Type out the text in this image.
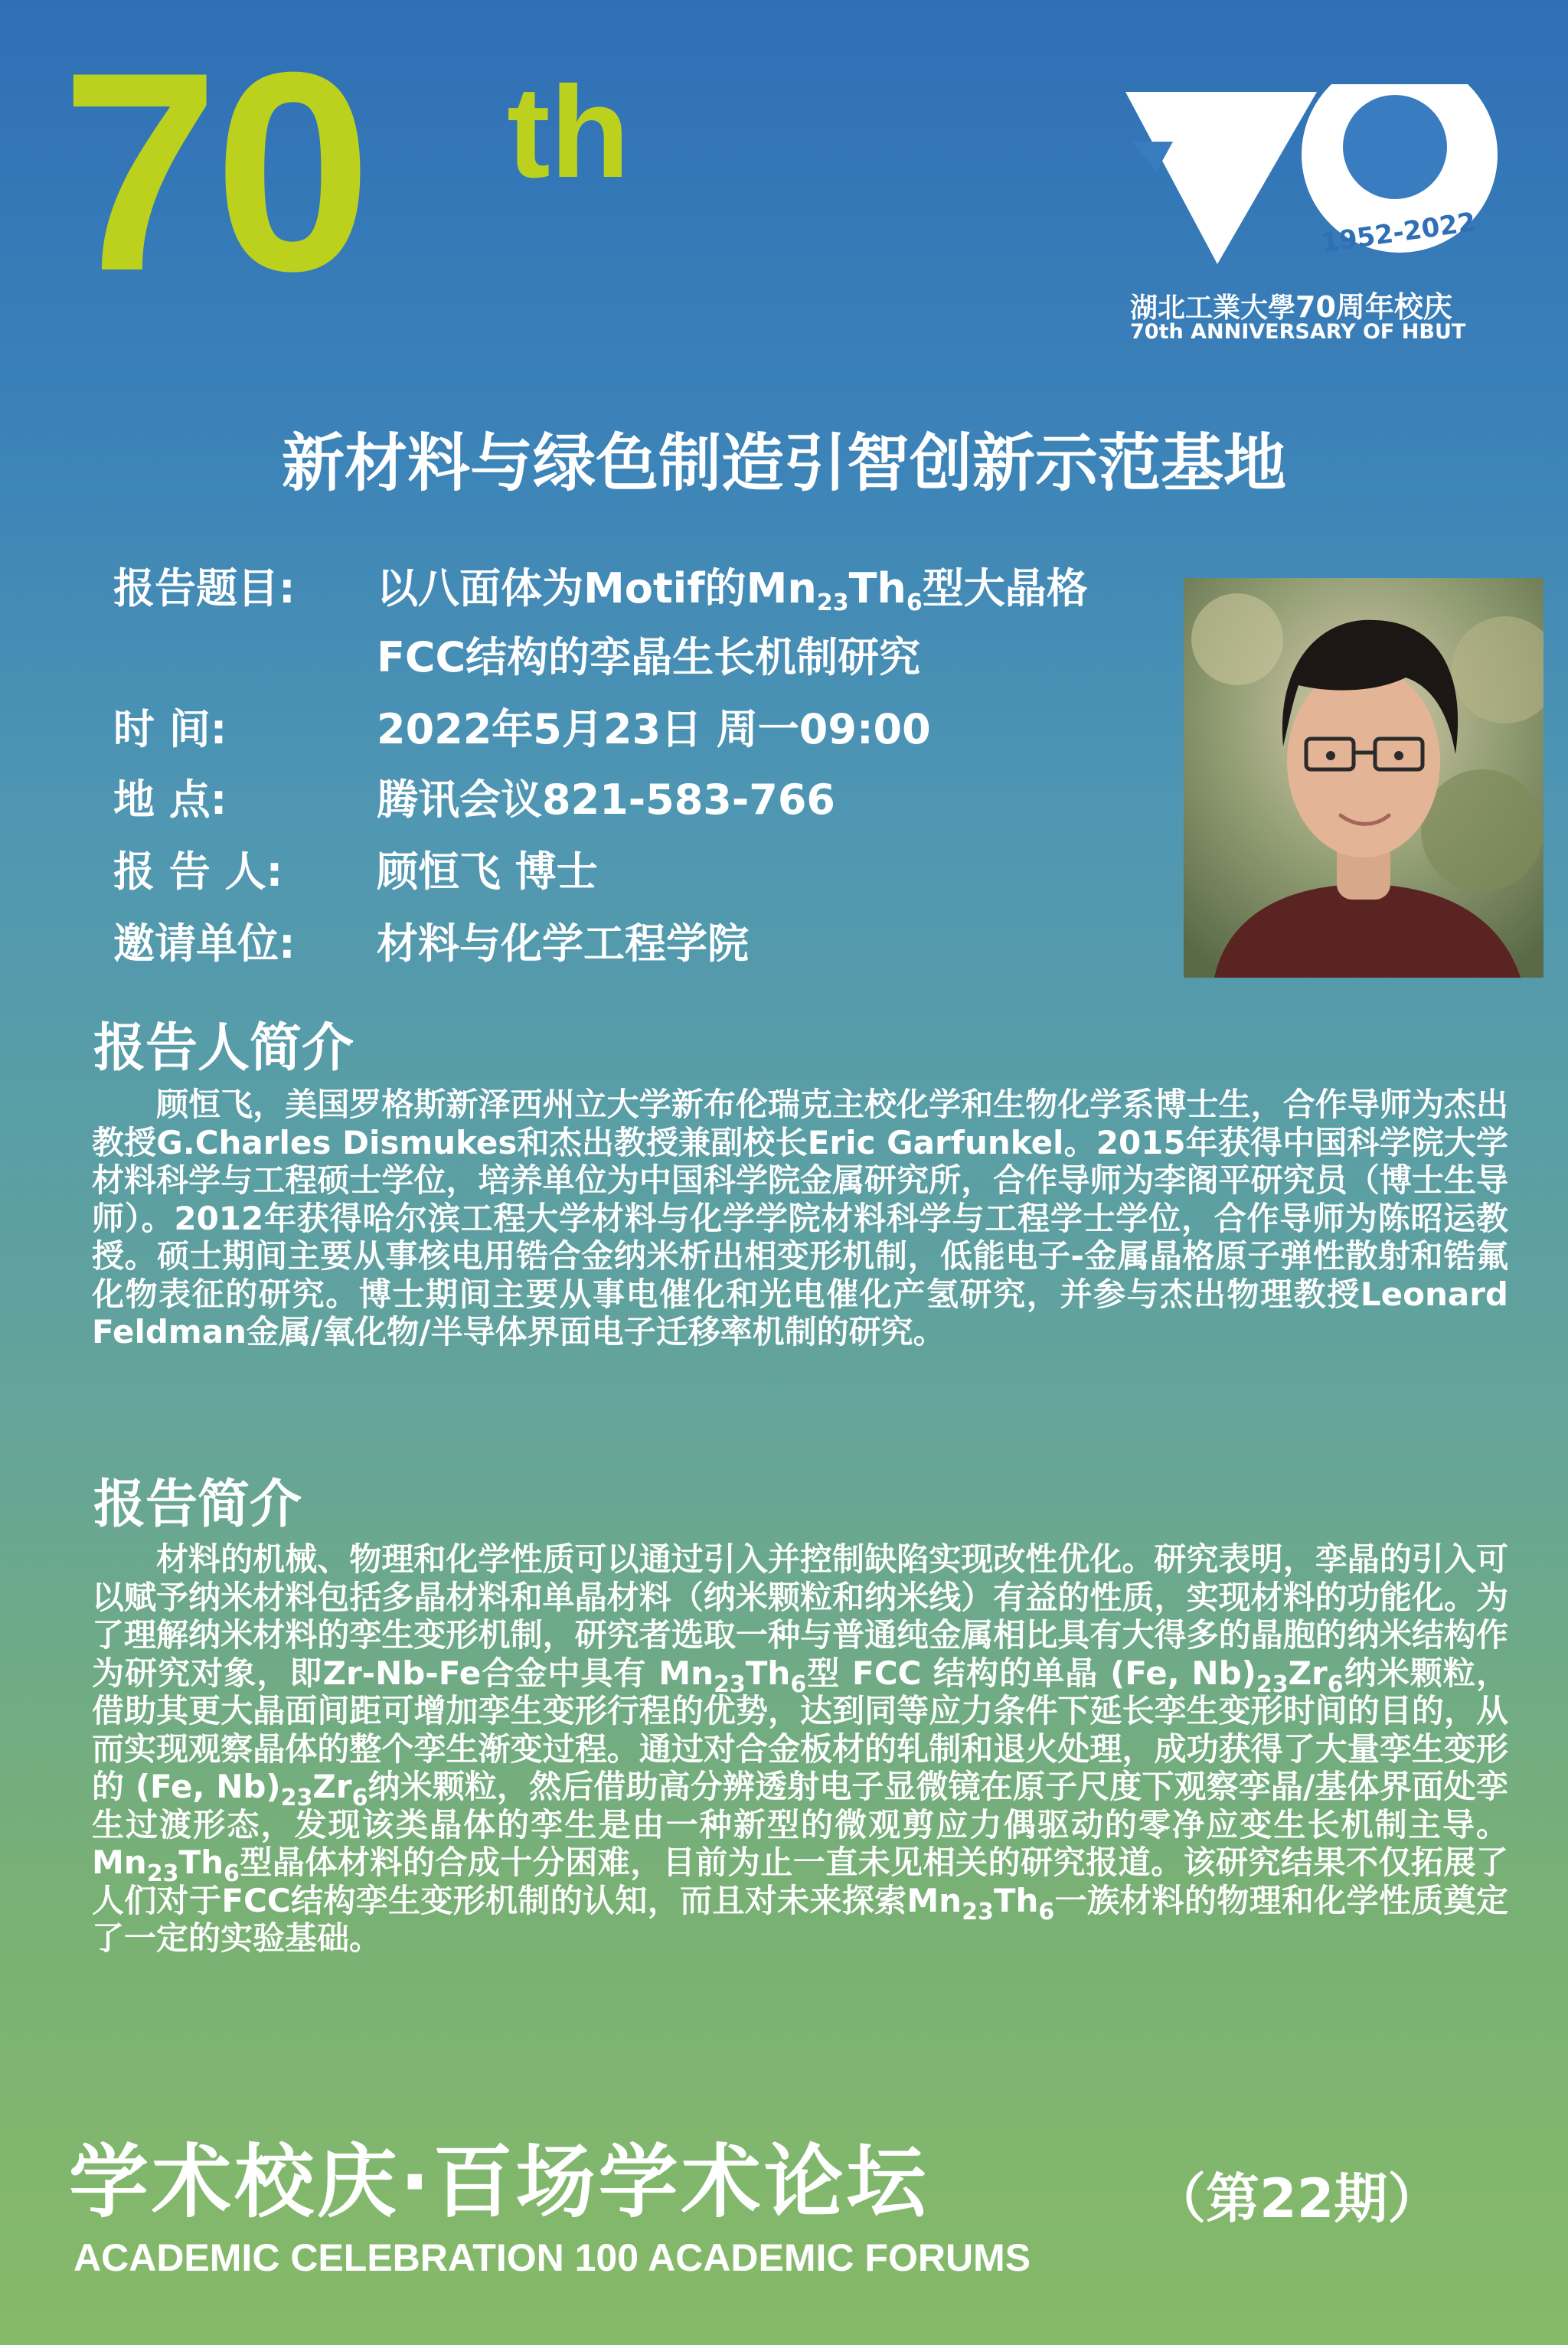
70 th
1952-2022
湖北工業大學70周年校庆
70th ANNIVERSARY OF HBUT
新材料与绿色制造引智创新示范基地
报告题目: 以八面体为Motif的$Mn_{23}Th_6$型大晶格
FCC结构的孪晶生长机制研究
时 间:	2022年5月23日 周一09:00
地 点:	腾讯会议821-583-766
报 告 人: 顾恒飞 博士
邀请单位: 材料与化学工程学院
报告人简介
顾恒飞，美国罗格斯新泽西州立大学新布伦瑞克主校化学和生物化学系博士生，合作导师为杰出教授G.Charles Dismukes和杰出教授兼副校长Eric Garfunkel。2015年获得中国科学院大学材料科学与工程硕士学位，培养单位为中国科学院金属研究所，合作导师为李阁平研究员（博士生导师）。2012年获得哈尔滨工程大学材料与化学学院材料科学与工程学士学位，合作导师为陈昭运教授。硕士期间主要从事核电用锆合金纳米析出相变形机制，低能电子-金属晶格原子弹性散射和锆氟化物表征的研究。博士期间主要从事电催化和光电催化产氢研究，并参与杰出物理教授Leonard Feldman金属/氧化物/半导体界面电子迁移率机制的研究。
报告简介
材料的机械、物理和化学性质可以通过引入并控制缺陷实现改性优化。研究表明，孪晶的引入可以赋予纳米材料包括多晶材料和单晶材料（纳米颗粒和纳米线）有益的性质，实现材料的功能化。为了理解纳米材料的孪生变形机制，研究者选取一种与普通纯金属相比具有大得多的晶胞的纳米结构作为研究对象，即Zr-Nb-Fe合金中具有 $Mn_{23}Th_6$型 FCC 结构的单晶 (Fe, $Nb)_{23}Zr_6$纳米颗粒，借助其更大晶面间距可增加孪生变形行程的优势，达到同等应力条件下延长孪生变形时间的目的，从而实现观察晶体的整个孪生渐变过程。通过对合金板材的轧制和退火处理，成功获得了大量孪生变形的 (Fe, $Nb)_{23}Zr_6$纳米颗粒，然后借助高分辨透射电子显微镜在原子尺度下观察孪晶/基体界面处孪生过渡形态，发现该类晶体的孪生是由一种新型的微观剪应力偶驱动的零净应变生长机制主导。$Mn_{23}Th_6$型晶体材料的合成十分困难，目前为止一直未见相关的研究报道。该研究结果不仅拓展了人们对于FCC结构孪生变形机制的认知，而且对未来探索$Mn_{23}Th_6$一族材料的物理和化学性质奠定了一定的实验基础。
学术校庆·百场学术论坛	（第22期）
ACADEMIC CELEBRATION 100 ACADEMIC FORUMS
